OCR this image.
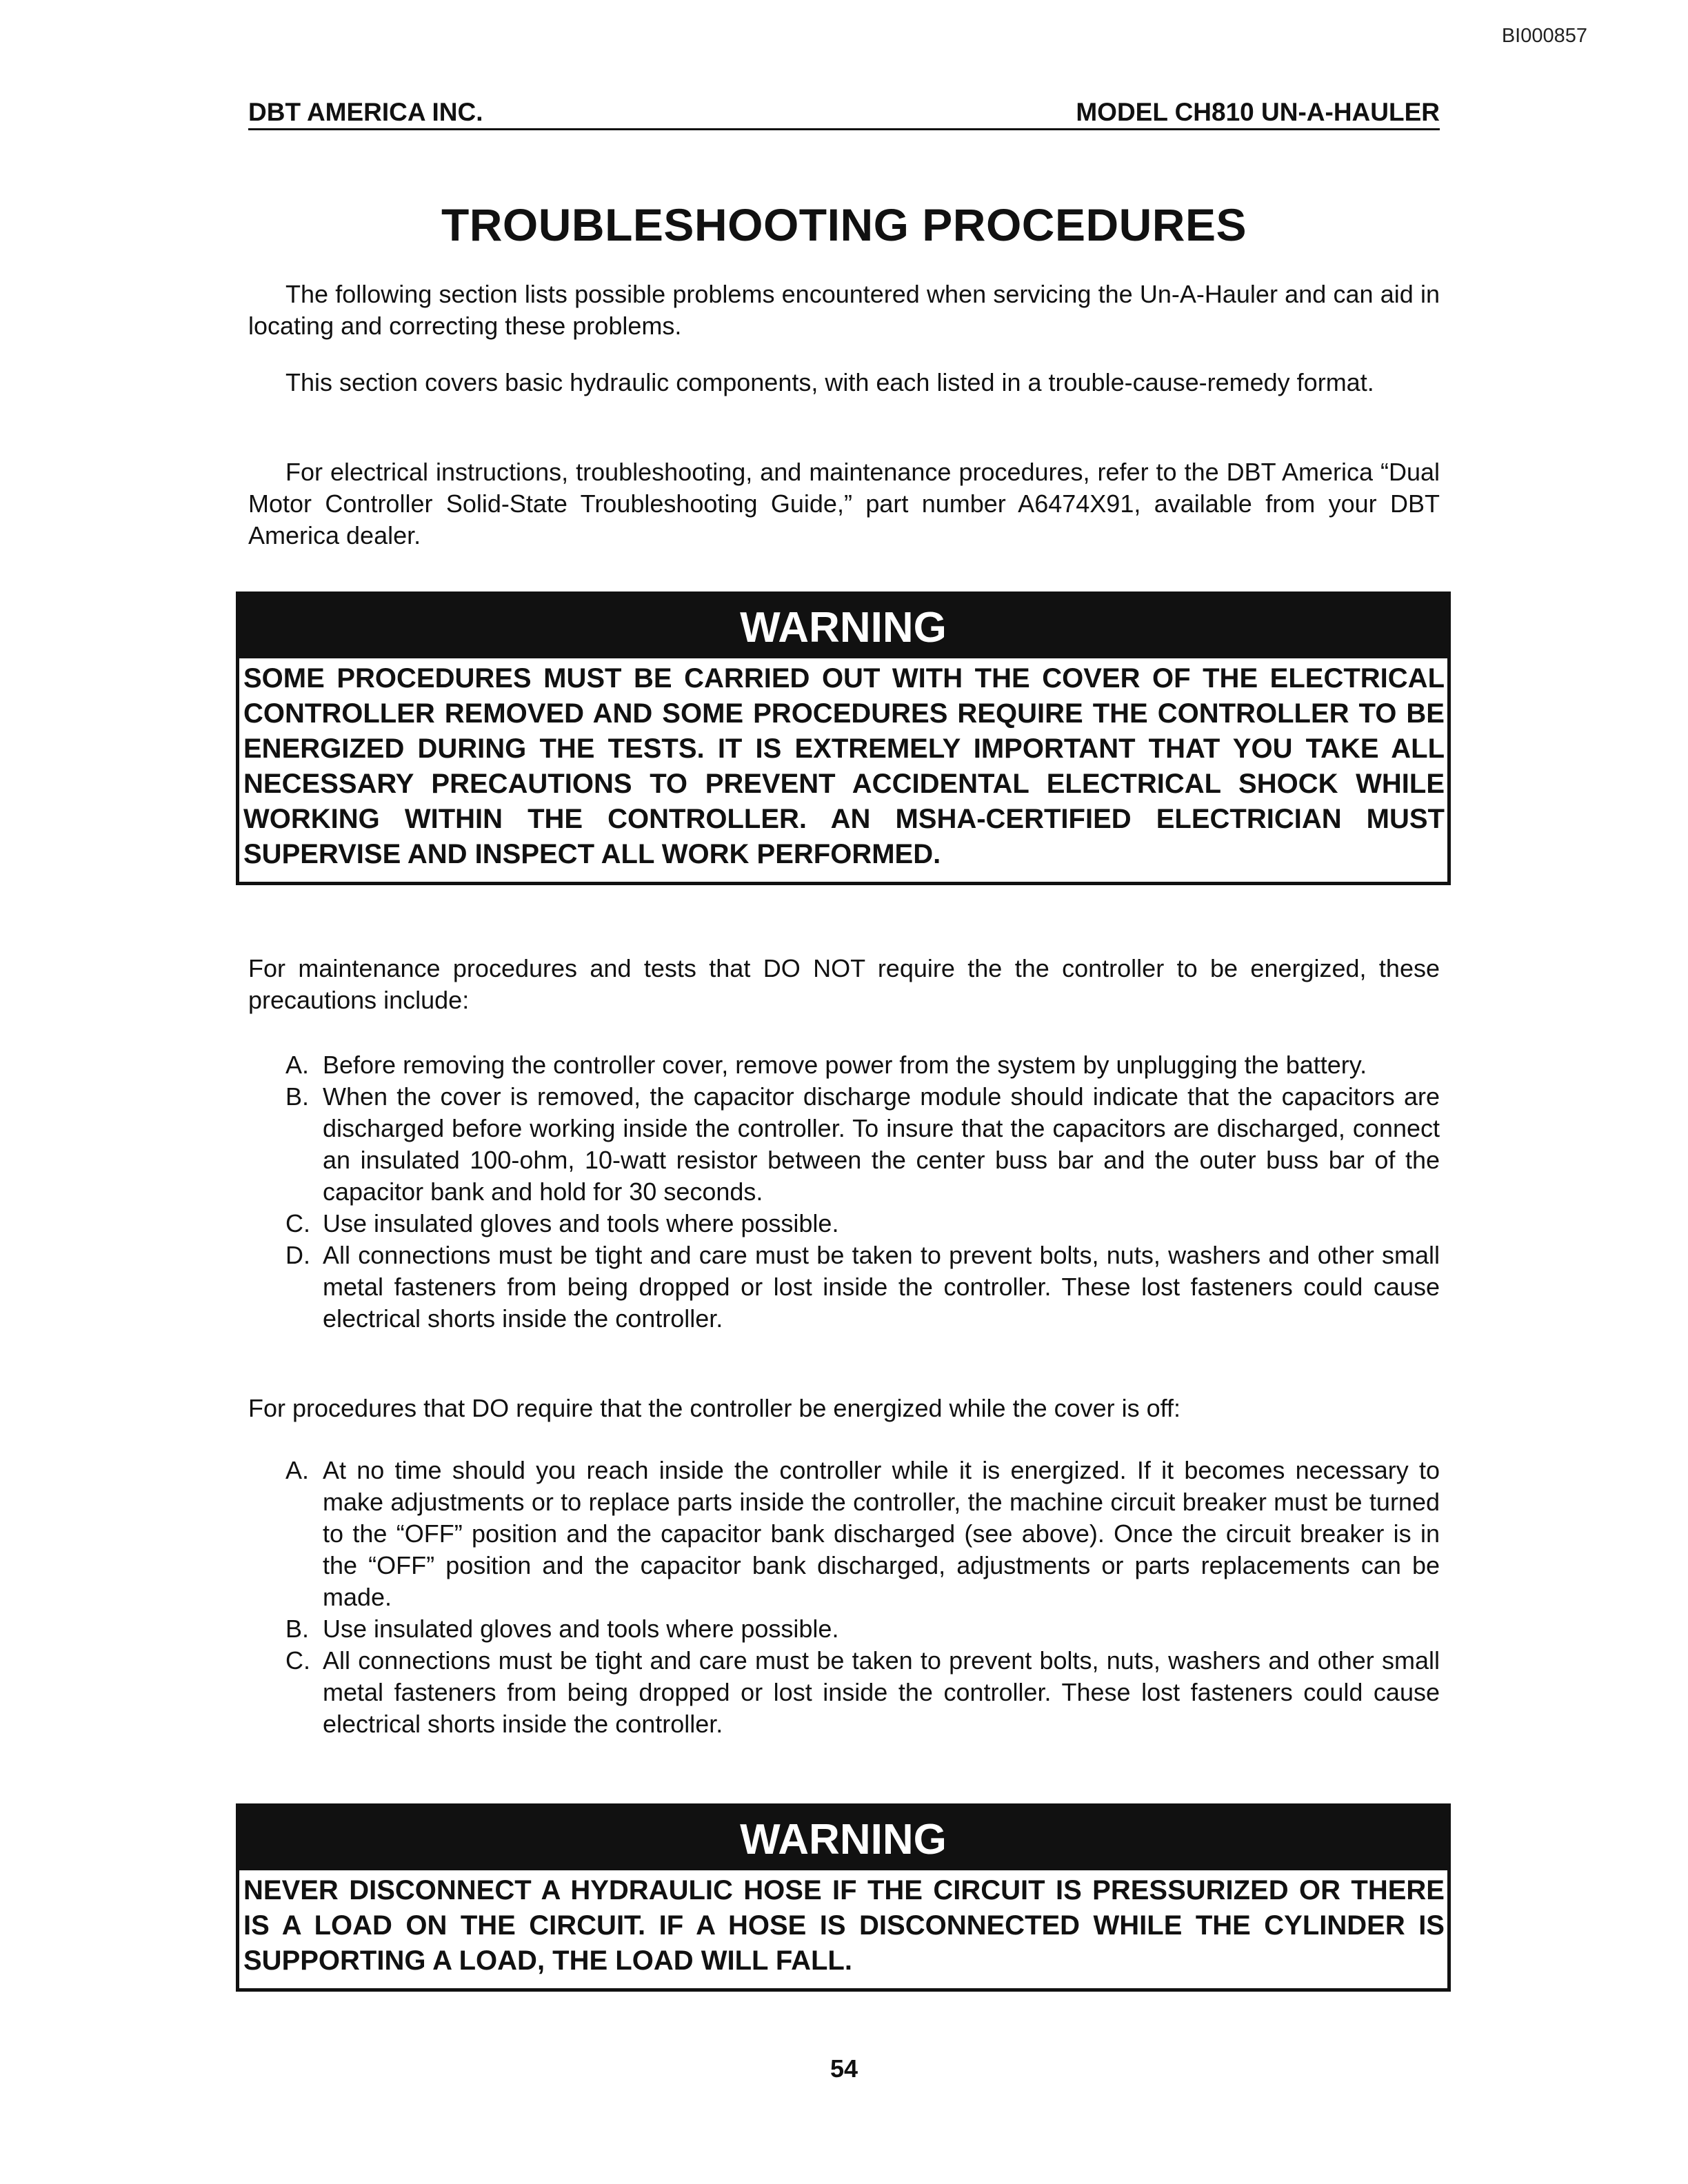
BI000857
DBT AMERICA INC.	MODEL CH810 UN-A-HAULER
TROUBLESHOOTING PROCEDURES
The following section lists possible problems encountered when servicing the Un-A-Hauler and can aid in locating and correcting these problems.
This section covers basic hydraulic components, with each listed in a trouble-cause-remedy format.
For electrical instructions, troubleshooting, and maintenance procedures, refer to the DBT America “Dual Motor Controller Solid-State Troubleshooting Guide,” part number A6474X91, available from your DBT America dealer.
WARNING
SOME PROCEDURES MUST BE CARRIED OUT WITH THE COVER OF THE ELECTRICAL CONTROLLER REMOVED AND SOME PROCEDURES REQUIRE THE CONTROLLER TO BE ENERGIZED DURING THE TESTS. IT IS EXTREMELY IMPORTANT THAT YOU TAKE ALL NECESSARY PRECAUTIONS TO PREVENT ACCIDENTAL ELECTRICAL SHOCK WHILE WORKING WITHIN THE CONTROLLER. AN MSHA-CERTIFIED ELECTRICIAN MUST SUPERVISE AND INSPECT ALL WORK PERFORMED.
For maintenance procedures and tests that DO NOT require the the controller to be energized, these precautions include:
A. Before removing the controller cover, remove power from the system by unplugging the battery.
B. When the cover is removed, the capacitor discharge module should indicate that the capacitors are discharged before working inside the controller. To insure that the capacitors are discharged, connect an insulated 100-ohm, 10-watt resistor between the center buss bar and the outer buss bar of the capacitor bank and hold for 30 seconds.
C. Use insulated gloves and tools where possible.
D. All connections must be tight and care must be taken to prevent bolts, nuts, washers and other small metal fasteners from being dropped or lost inside the controller. These lost fasteners could cause electrical shorts inside the controller.
For procedures that DO require that the controller be energized while the cover is off:
A. At no time should you reach inside the controller while it is energized. If it becomes necessary to make adjustments or to replace parts inside the controller, the machine circuit breaker must be turned to the “OFF” position and the capacitor bank discharged (see above). Once the circuit breaker is in the “OFF” position and the capacitor bank discharged, adjustments or parts replacements can be made.
B. Use insulated gloves and tools where possible.
C. All connections must be tight and care must be taken to prevent bolts, nuts, washers and other small metal fasteners from being dropped or lost inside the controller. These lost fasteners could cause electrical shorts inside the controller.
WARNING
NEVER DISCONNECT A HYDRAULIC HOSE IF THE CIRCUIT IS PRESSURIZED OR THERE IS A LOAD ON THE CIRCUIT. IF A HOSE IS DISCONNECTED WHILE THE CYLINDER IS SUPPORTING A LOAD, THE LOAD WILL FALL.
54
